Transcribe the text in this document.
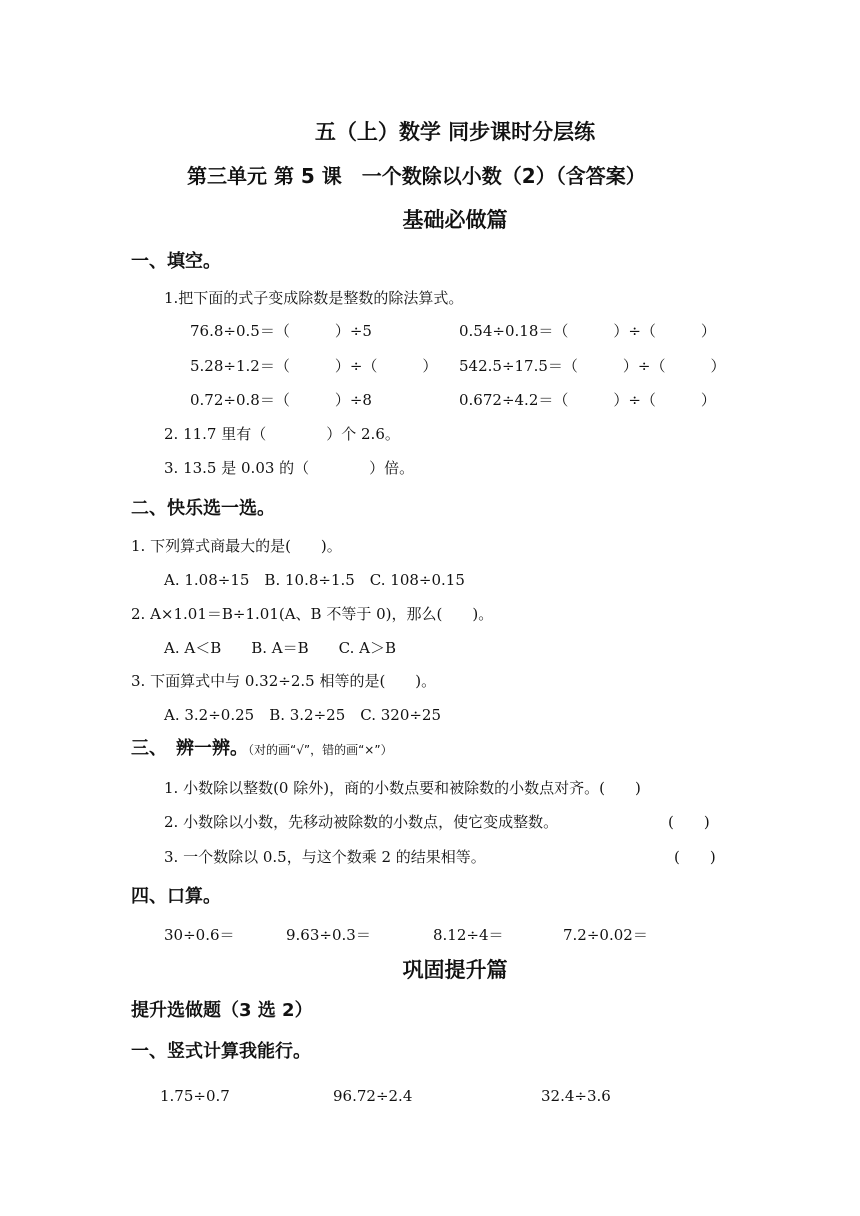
五（上）数学 同步课时分层练
第三单元 第 5 课　一个数除以小数（2）（含答案）
基础必做篇
一、填空。
1.把下面的式子变成除数是整数的除法算式。
76.8÷0.5＝（　　　）÷5	0.54÷0.18＝（　　　）÷（　　　）
5.28÷1.2＝（　　　）÷（　　　） 542.5÷17.5＝（　　　）÷（　　　）
0.72÷0.8＝（　　　）÷8	0.672÷4.2＝（　　　）÷（　　　）
2. 11.7 里有（　　　　）个 2.6。
3. 13.5 是 0.03 的（　　　　）倍。
二、快乐选一选。
1. 下列算式商最大的是(　　)。
A. 1.08÷15　B. 10.8÷1.5　C. 108÷0.15
2. A×1.01＝B÷1.01(A、B 不等于 0)，那么(　　)。
A. A＜B　　B. A＝B　　C. A＞B
3. 下面算式中与 0.32÷2.5 相等的是(　　)。
A. 3.2÷0.25　B. 3.2÷25　C. 320÷25
三、　辨一辨。（对的画“√”，错的画“×”）
1. 小数除以整数(0 除外)，商的小数点要和被除数的小数点对齐。(　　)
2. 小数除以小数，先移动被除数的小数点，使它变成整数。	(　　)
3. 一个数除以 0.5，与这个数乘 2 的结果相等。	(　　)
四、口算。
30÷0.6＝	9.63÷0.3＝	8.12÷4＝	7.2÷0.02＝
巩固提升篇
提升选做题（3 选 2）
一、竖式计算我能行。
1.75÷0.7	96.72÷2.4	32.4÷3.6
